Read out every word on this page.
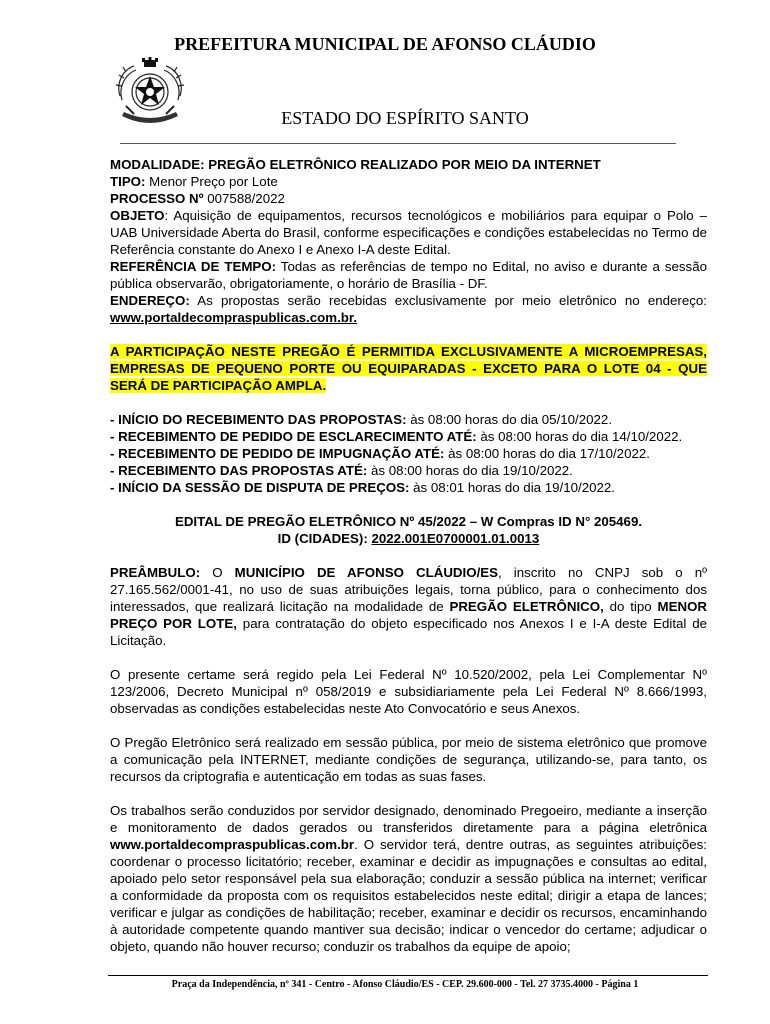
PREFEITURA MUNICIPAL DE AFONSO CLÁUDIO
ESTADO DO ESPÍRITO SANTO

MODALIDADE: PREGÃO ELETRÔNICO REALIZADO POR MEIO DA INTERNET

TIPO: Menor Preço por Lote

PROCESSO Nº 007588/2022

OBJETO: Aquisição de equipamentos, recursos tecnológicos e mobiliários para equipar o Polo – UAB Universidade Aberta do Brasil, conforme especificações e condições estabelecidas no Termo de Referência constante do Anexo I e Anexo I-A deste Edital.

REFERÊNCIA DE TEMPO: Todas as referências de tempo no Edital, no aviso e durante a sessão pública observarão, obrigatoriamente, o horário de Brasília - DF.

ENDEREÇO: As propostas serão recebidas exclusivamente por meio eletrônico no endereço: www.portaldecompraspublicas.com.br.

A PARTICIPAÇÃO NESTE PREGÃO É PERMITIDA EXCLUSIVAMENTE A MICROEMPRESAS, EMPRESAS DE PEQUENO PORTE OU EQUIPARADAS - EXCETO PARA O LOTE 04 - QUE SERÁ DE PARTICIPAÇÃO AMPLA.

- INÍCIO DO RECEBIMENTO DAS PROPOSTAS: às 08:00 horas do dia 05/10/2022.

- RECEBIMENTO DE PEDIDO DE ESCLARECIMENTO ATÉ: às 08:00 horas do dia 14/10/2022.

- RECEBIMENTO DE PEDIDO DE IMPUGNAÇÃO ATÉ: às 08:00 horas do dia 17/10/2022.

- RECEBIMENTO DAS PROPOSTAS ATÉ: às 08:00 horas do dia 19/10/2022.

- INÍCIO DA SESSÃO DE DISPUTA DE PREÇOS: às 08:01 horas do dia 19/10/2022.

EDITAL DE PREGÃO ELETRÔNICO Nº 45/2022 – W Compras ID N° 205469.

ID (CIDADES): 2022.001E0700001.01.0013

PREÂMBULO: O MUNICÍPIO DE AFONSO CLÁUDIO/ES, inscrito no CNPJ sob o nº 27.165.562/0001-41, no uso de suas atribuições legais, torna público, para o conhecimento dos interessados, que realizará licitação na modalidade de PREGÃO ELETRÔNICO, do tipo MENOR PREÇO POR LOTE, para contratação do objeto especificado nos Anexos I e I-A deste Edital de Licitação.

O presente certame será regido pela Lei Federal Nº 10.520/2002, pela Lei Complementar Nº 123/2006, Decreto Municipal nº 058/2019 e subsidiariamente pela Lei Federal Nº 8.666/1993, observadas as condições estabelecidas neste Ato Convocatório e seus Anexos.

O Pregão Eletrônico será realizado em sessão pública, por meio de sistema eletrônico que promove a comunicação pela INTERNET, mediante condições de segurança, utilizando-se, para tanto, os recursos da criptografia e autenticação em todas as suas fases.

Os trabalhos serão conduzidos por servidor designado, denominado Pregoeiro, mediante a inserção e monitoramento de dados gerados ou transferidos diretamente para a página eletrônica www.portaldecompraspublicas.com.br. O servidor terá, dentre outras, as seguintes atribuições: coordenar o processo licitatório; receber, examinar e decidir as impugnações e consultas ao edital, apoiado pelo setor responsável pela sua elaboração; conduzir a sessão pública na internet; verificar a conformidade da proposta com os requisitos estabelecidos neste edital; dirigir a etapa de lances; verificar e julgar as condições de habilitação; receber, examinar e decidir os recursos, encaminhando à autoridade competente quando mantiver sua decisão; indicar o vencedor do certame; adjudicar o objeto, quando não houver recurso; conduzir os trabalhos da equipe de apoio;

Praça da Independência, nº 341 - Centro - Afonso Cláudio/ES - CEP. 29.600-000 - Tel. 27 3735.4000 - Página 1
